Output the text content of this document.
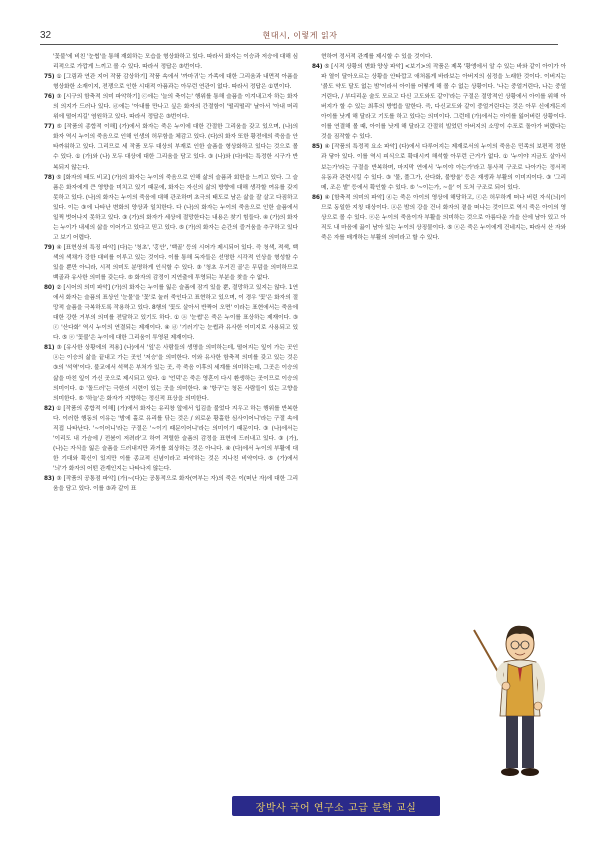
32	현대시, 이렇게 읽자

'꽃불'에 비친 '눈썹'을 통해 재회하는 모습을 형상화하고 있다. 따라서 화자는 이승과 저승에 대해 심리적으로 가깝게 느끼고 볼 수 있다. 따라서 정답은 ③번이다.

75) ① [그림과 연관 지어 작품 감상하기] 작품 속에서 '까마귀'는 가족에 대한 그리움과 내면적 아픔을 형상화한 소재이지, 전쟁으로 인한 시대적 아픔과는 아무런 연관이 없다. 따라서 정답은 ①번이다.

76) ③ [시구의 함축적 의미 파악하기] ⓒ에는 '늘의 축이는' 행위를 통해 슬픔을 이겨내고자 하는 화자의 의지가 드러나 있다. ⓓ에는 '아내를 만나고 싶은 화자의 간절함이 '떨리떨리' 날아서 '아내 머리 위에 떨어지길' 염원하고 있다. 따라서 정답은 ③번이다.

77) ⑤ [작품의 종합적 이해] (가)에서 화자는 죽은 누이에 대한 간절한 그리움을 갖고 있으며, (나)의 화자 역시 누이의 죽음으로 인해 인생의 허무함을 체감고 있다. (다)의 화자 또한 황전에의 죽음을 안타까워하고 있다. 그리므로 세 작품 모두 대상의 부재로 인한 슬픔을 형상화하고 있다는 것으로 볼 수 있다. ① (가)와 (나) 모두 대상에 대한 그리움을 담고 있다. ③ (나)와 (다)에는 특정한 시구가 반복되지 않는다.

78) ⑤ [화자의 태도 비교] (가)의 화자는 누이의 죽음으로 인해 삶의 슬픔과 회한을 느끼고 있다. 그 슬픔은 화자에게 큰 영향을 미치고 있기 때문에, 화자는 자신의 삶의 방향에 대해 생각할 여유를 갖지 못하고 있다. (나)의 화자는 누이의 죽음에 대해 관조하며 초극의 태도로 남은 삶을 잘 살고 다짐하고 있다. 이는 ③에 나타난 변화의 양상과 일치한다. 다 (나)의 화자는 누이의 죽음으로 인한 슬픔에서 일찍 벗어나지 못하고 있다. ③ (가)의 화자가 세상에 절망한다는 내용은 찾기 힘들다. ④ (가)의 화자는 누이가 내세의 삶을 이어가고 있다고 믿고 있다. ⑤ (가)의 화자는 순간의 즐거움을 추구하고 있다고 보기 어렵다.

79) ④ [표현상의 특징 파악] (다)는 '청초', '홍안', '백골' 등의 시어가 제시되어 있다. 즉 청색, 적색, 백색의 색채가 강한 대비를 이루고 있는 것이다. 이를 통해 독자들은 선명한 시각적 인상을 형성할 수 있을 뿐만 아니라, 시적 의미도 분명하게 인식할 수 있다. ③ '청초 우거진 골'은 무덤을 의미하므로 백골과 유사한 의미를 갖는다. ⑤ 화자의 감정이 지연출에 투영되는 부분을 찾을 수 없다.

80) ② [시어의 의미 파악] (가)의 화자는 누이를 잃은 슬픔에 잠겨 있을 뿐, 절망하고 있지는 않다. 1연에서 화자는 슬픔의 표상인 '눈물'을 '꽃'로 눌러 죽인다고 표현하고 있으며, 이 경우 '꽃'은 화자의 절망적 슬픔을 극복하도록 작용하고 있다. 8행의 '꽃도 살아서 반짝어 오면' 이라는 표현에서는 죽음에 대한 강한 거부의 의미를 전달하고 있기도 하다. ① ⓐ '눈썹'은 죽은 누이를 표상하는 제재이다. ③ ⓒ '산다화' 역시 누이의 연결되는 제재이다. ④ ⓓ '기러기'는 눈썹과 유사한 이미지로 사용되고 있다. ⑤ ⓔ '꽃불'은 누이에 대한 그리움이 투영된 제재이다.

81) ③ [유사한 상황에의 적용] (나)에서 '잎'은 사람들의 생명을 의미하는데, 떨어지는 잎이 가는 곳인 ⓐ는 이승의 삶을 끝내고 가는 곳인 '저승'을 의미한다. 이와 유사한 함축적 의미를 갖고 있는 것은 ③의 '석역'이다. 불교에서 석쩍은 부처가 있는 곳, 즉 죽음 이후의 세계를 의미하는데, 그곳은 이승의 삶을 마친 잎이 가신 곳으로 제시되고 있다. ① '언덕'은 죽은 영혼이 다시 환생하는 곳이므로 이승의 의미이다. ② '돌드러'는 극한의 시련이 있는 곳을 의미한다. ④ '항구'는 청돈 사람들이 있는 고향을 의미한다. ⑤ '하늘'은 화자가 지향하는 정신적 표상을 의미한다.

82) ① [작품의 종합적 이해] (가)에서 화자는 유리창 앞에서 입김을 불었다 지우고 하는 행위를 반복한다. 이러한 행동의 이유는 '밤에 홀로 유리를 닦는 것은 / 외로운 황홀한 심사이어니'라는 구절 속에 직접 나타난다. '~이어니'라는 구절은 '~이기 때문이어니'라는 의미이기 때문이다. ③ (나)에서는 '이리도 내 가슴에 / 전붐이 저려라'고 하여 격렬한 슬픔의 감정을 표현에 드러내고 있다. ③ (가), (나)는 자식을 잃은 슬픔을 드러내지만 과거를 회상하는 것은 아니다. ④ (다)에서 누이의 부활에 대한 기대와 확신이 있지만 이를 종교적 신념이라고 파악하는 것은 지나친 비약이다. ⑤ (가)에서 '늬'가 화자의 어떤 관계인지는 나타나지 않는다.

83) ③ [작품의 공통점 파악] (가)~(다)는 공통적으로 화자(여부는 자)의 죽은 이(떠난 자)에 대한 그리움을 담고 있다. 이를 ③과 같이 표

현하여 정서적 관계를 제시할 수 있을 것이다.

84) ⑤ [시적 상황의 변화 양상 파악] <보기>의 작품은 제목 '황앵에서 알 수 있는 바와 같이 아이가 아파 열이 달아오르는 상황을 안타깝고 애처롭게 바라보는 아버지의 심정을 노래한 것이다. 이버지는 '붉도 약도 달도 없는 밤'이라서 아이를 어떻게 해 볼 수 없는 상황이다. '나는 중얼거린다, 나는 중얼거린다, / 부디리운 술도 모르고 다신 고도와도 같이'라는 구절은 절망적인 상황에서 아이를 위해 아버지가 할 수 있는 최후의 방법을 말한다. 즉, 다신교도와 같이 중얼거린다는 것은 아무 신에게든지 아이를 낫게 해 달라고 기도를 하고 있다는 의미이다. 그런데 (가)에서는 아이를 잃어버린 상황이다. 이를 연결해 볼 때, 아이를 낫게 해 달라고 간절히 빌었던 아버지의 소망이 수포로 돌아가 버렸다는 것을 짐작할 수 있다.

85) ④ [작품의 특정적 요소 파악] (다)에서 다루어지는 제재로서의 누이의 죽음은 민족의 보편적 정한과 닿아 있다. 이를 역시 피식으로 확대시켜 해석할 아무런 근거가 없다. ① '누이야 지금도 살아서 보는가'라는 구절을 반복하며, 마지막 연에서 '누이야 아는가'라고 통사적 구조로 나아가는 정서적 유동과 관련시킬 수 있다. ③ '물, 풀그가, 산다화, 불방울' 등은 재생과 부활의 이미지이다. ③ '그리메, 조은 밭' 등에서 확인할 수 있다. ⑤ '~이는가, ~을' 이 도처 구조로 되어 있다.

86) ④ [함축적 의미의 파악] ⓓ는 죽은 아이의 영상에 해당하고, ⓒ은 허무하게 떠나 버린 자식(늬)이므로 동일한 지칭 대상이다. ⓐ은 밤의 강을 건너 화자의 곁을 떠나는 것이므로 역시 죽은 아이의 영상으로 볼 수 있다. ⓔ은 누이의 죽음이자 부활을 의미하는 것으로 아름다운 가을 산에 남아 있고 아직도 내 마음에 끓이 남아 있는 누이의 상징물이다. ⑤ ⓔ은 죽은 누이에게 건네지는, 따라서 산 자와 죽은 자를 매개하는 부활의 의미라고 할 수 있다.

장박사 국어 연구소 고급 문학 교실
